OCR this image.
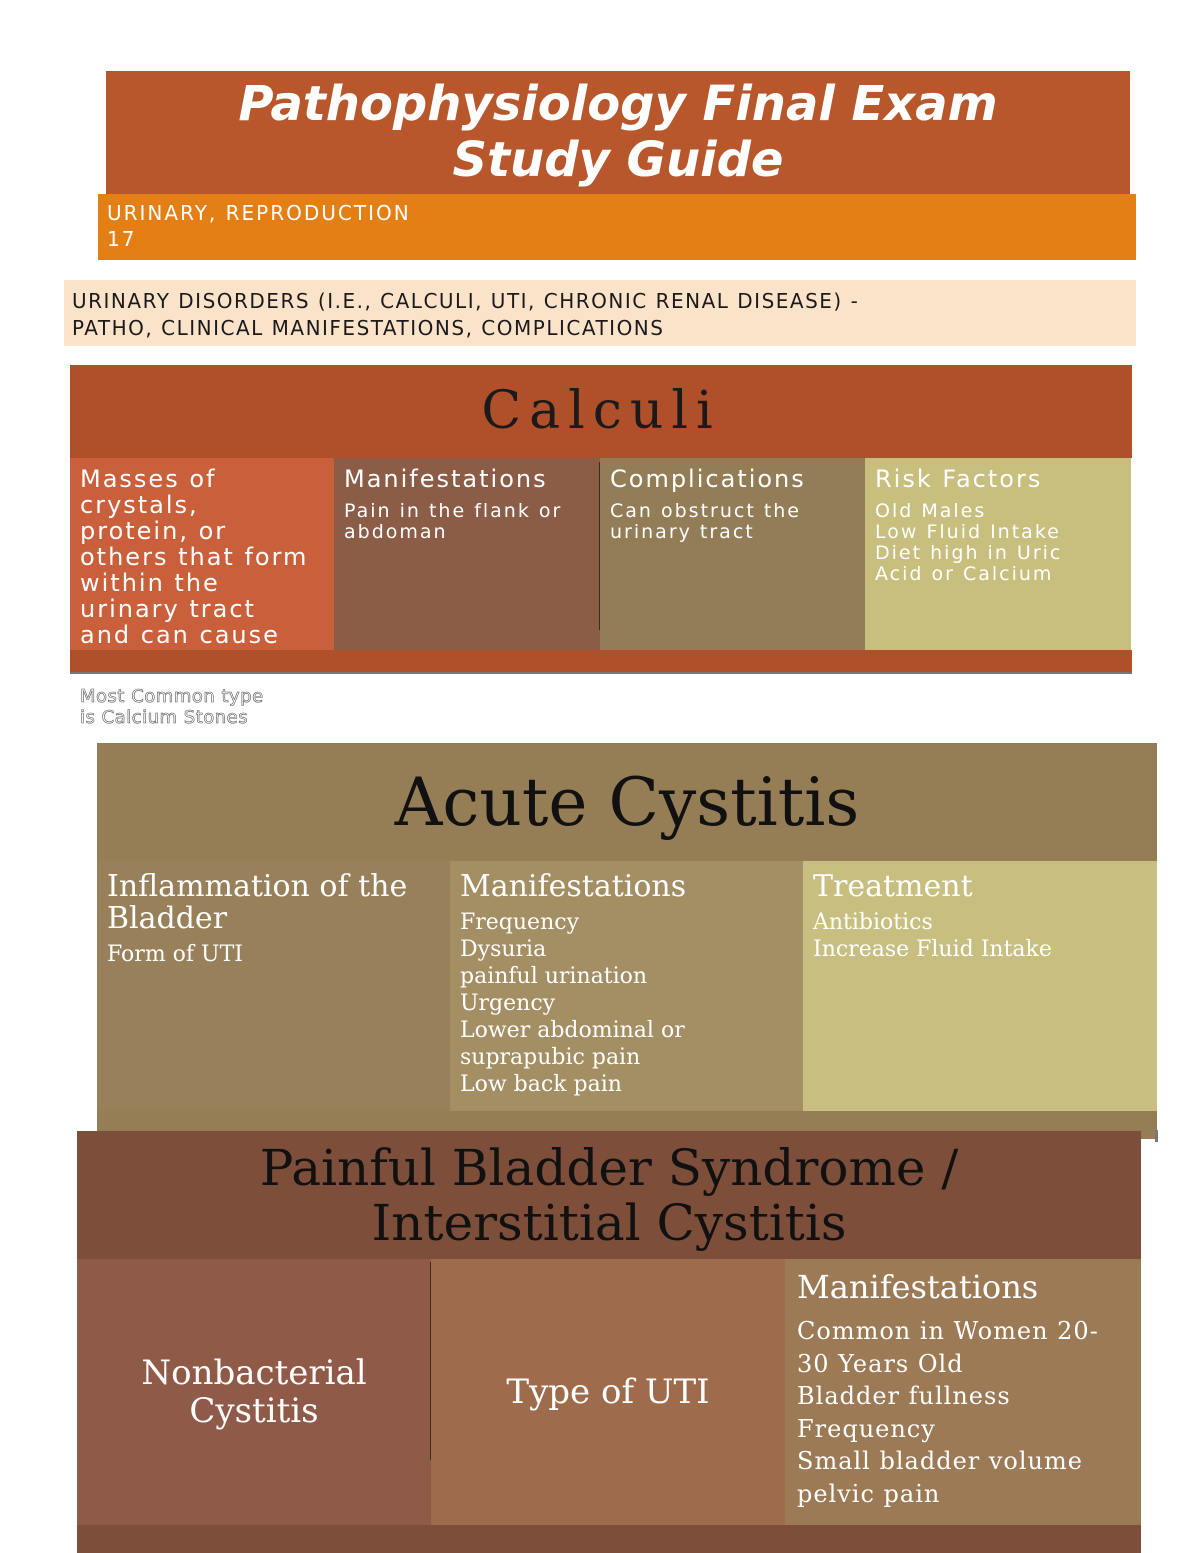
Pathophysiology Final Exam
Study Guide
URINARY, REPRODUCTION
17
URINARY DISORDERS (I.E., CALCULI, UTI, CHRONIC RENAL DISEASE) -
PATHO, CLINICAL MANIFESTATIONS, COMPLICATIONS
Calculi
Masses of
crystals,
protein, or
others that form
within the
urinary tract
and can cause
Manifestations
Pain in the flank or
abdoman
Complications
Can obstruct the
urinary tract
Risk Factors
Old Males
Low Fluid Intake
Diet high in Uric
Acid or Calcium
Most Common type
is Calcium Stones
Acute Cystitis
Inflammation of the
Bladder
Form of UTI
Manifestations
Frequency
Dysuria
painful urination
Urgency
Lower abdominal or
suprapubic pain
Low back pain
Treatment
Antibiotics
Increase Fluid Intake
Painful Bladder Syndrome /
Interstitial Cystitis
Nonbacterial
Cystitis	Type of UTI
Manifestations
Common in Women 20-
30 Years Old
Bladder fullness
Frequency
Small bladder volume
pelvic pain
